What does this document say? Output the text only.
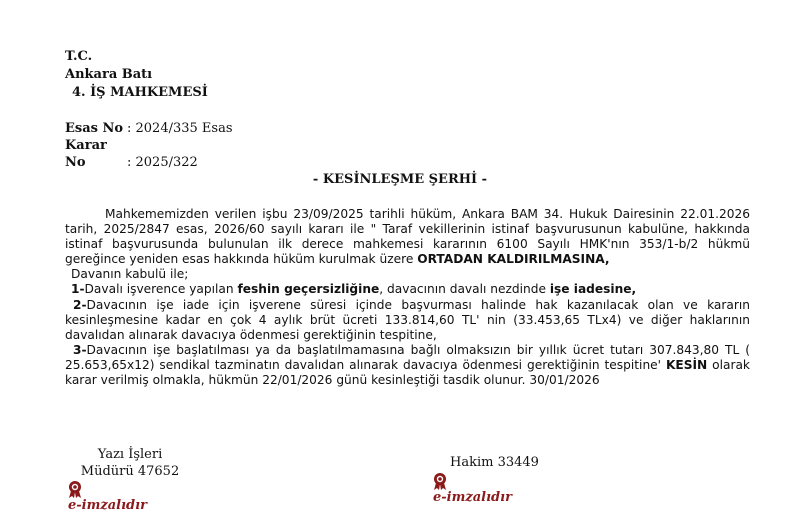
T.C.
Ankara Batı
4. İŞ MAHKEMESİ
Esas No : 2024/335 Esas
Karar No	: 2025/322
- KESİNLEŞME ŞERHİ -

Mahkememizden verilen işbu 23/09/2025 tarihli hüküm, Ankara BAM 34. Hukuk Dairesinin 22.01.2026 tarih, 2025/2847 esas, 2026/60 sayılı kararı ile " Taraf vekillerinin istinaf başvurusunun kabulüne, hakkında istinaf başvurusunda bulunulan ilk derece mahkemesi kararının 6100 Sayılı HMK'nın 353/1-b/2 hükmü gereğince yeniden esas hakkında hüküm kurulmak üzere ORTADAN KALDIRILMASINA,

Davanın kabulü ile;

1-Davalı işverence yapılan feshin geçersizliğine, davacının davalı nezdinde işe iadesine,

2-Davacının işe iade için işverene süresi içinde başvurması halinde hak kazanılacak olan ve kararın kesinleşmesine kadar en çok 4 aylık brüt ücreti 133.814,60 TL' nin (33.453,65 TLx4) ve diğer haklarının davalıdan alınarak davacıya ödenmesi gerektiğinin tespitine,

3-Davacının işe başlatılması ya da başlatılmamasına bağlı olmaksızın bir yıllık ücret tutarı 307.843,80 TL ( 25.653,65x12) sendikal tazminatın davalıdan alınarak davacıya ödenmesi gerektiğinin tespitine' KESİN olarak karar verilmiş olmakla, hükmün 22/01/2026 günü kesinleştiği tasdik olunur. 30/01/2026

Yazı İşleri
Müdürü 47652
Hakim 33449
e-imzalıdır
e-imzalıdır
